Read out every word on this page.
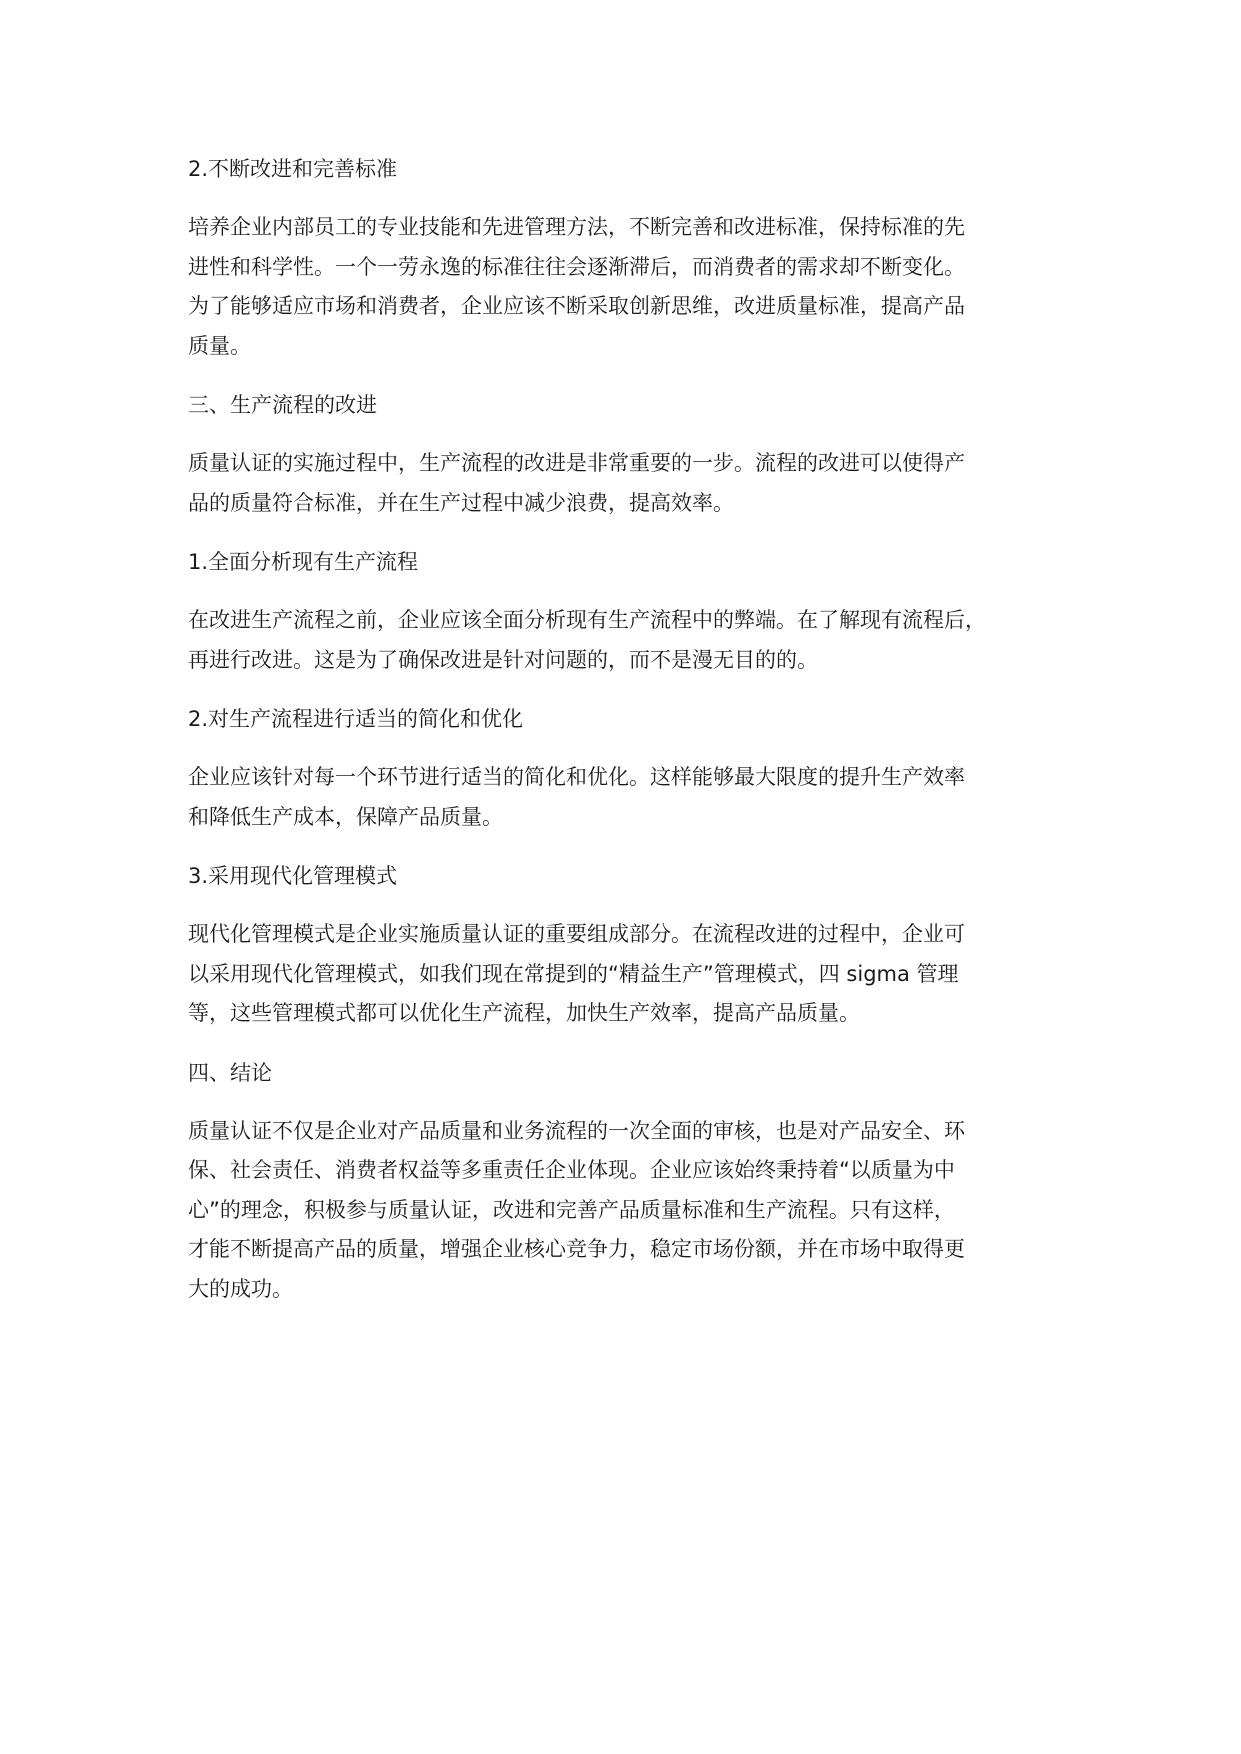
2.不断改进和完善标准
培养企业内部员工的专业技能和先进管理方法，不断完善和改进标准，保持标准的先
进性和科学性。一个一劳永逸的标准往往会逐渐滞后，而消费者的需求却不断变化。
为了能够适应市场和消费者，企业应该不断采取创新思维，改进质量标准，提高产品
质量。
三、生产流程的改进
质量认证的实施过程中，生产流程的改进是非常重要的一步。流程的改进可以使得产
品的质量符合标准，并在生产过程中减少浪费，提高效率。
1.全面分析现有生产流程
在改进生产流程之前，企业应该全面分析现有生产流程中的弊端。在了解现有流程后，
再进行改进。这是为了确保改进是针对问题的，而不是漫无目的的。
2.对生产流程进行适当的简化和优化
企业应该针对每一个环节进行适当的简化和优化。这样能够最大限度的提升生产效率
和降低生产成本，保障产品质量。
3.采用现代化管理模式
现代化管理模式是企业实施质量认证的重要组成部分。在流程改进的过程中，企业可
以采用现代化管理模式，如我们现在常提到的“精益生产”管理模式，四 sigma 管理
等，这些管理模式都可以优化生产流程，加快生产效率，提高产品质量。
四、结论
质量认证不仅是企业对产品质量和业务流程的一次全面的审核，也是对产品安全、环
保、社会责任、消费者权益等多重责任企业体现。企业应该始终秉持着“以质量为中
心”的理念，积极参与质量认证，改进和完善产品质量标准和生产流程。只有这样，
才能不断提高产品的质量，增强企业核心竞争力，稳定市场份额，并在市场中取得更
大的成功。
